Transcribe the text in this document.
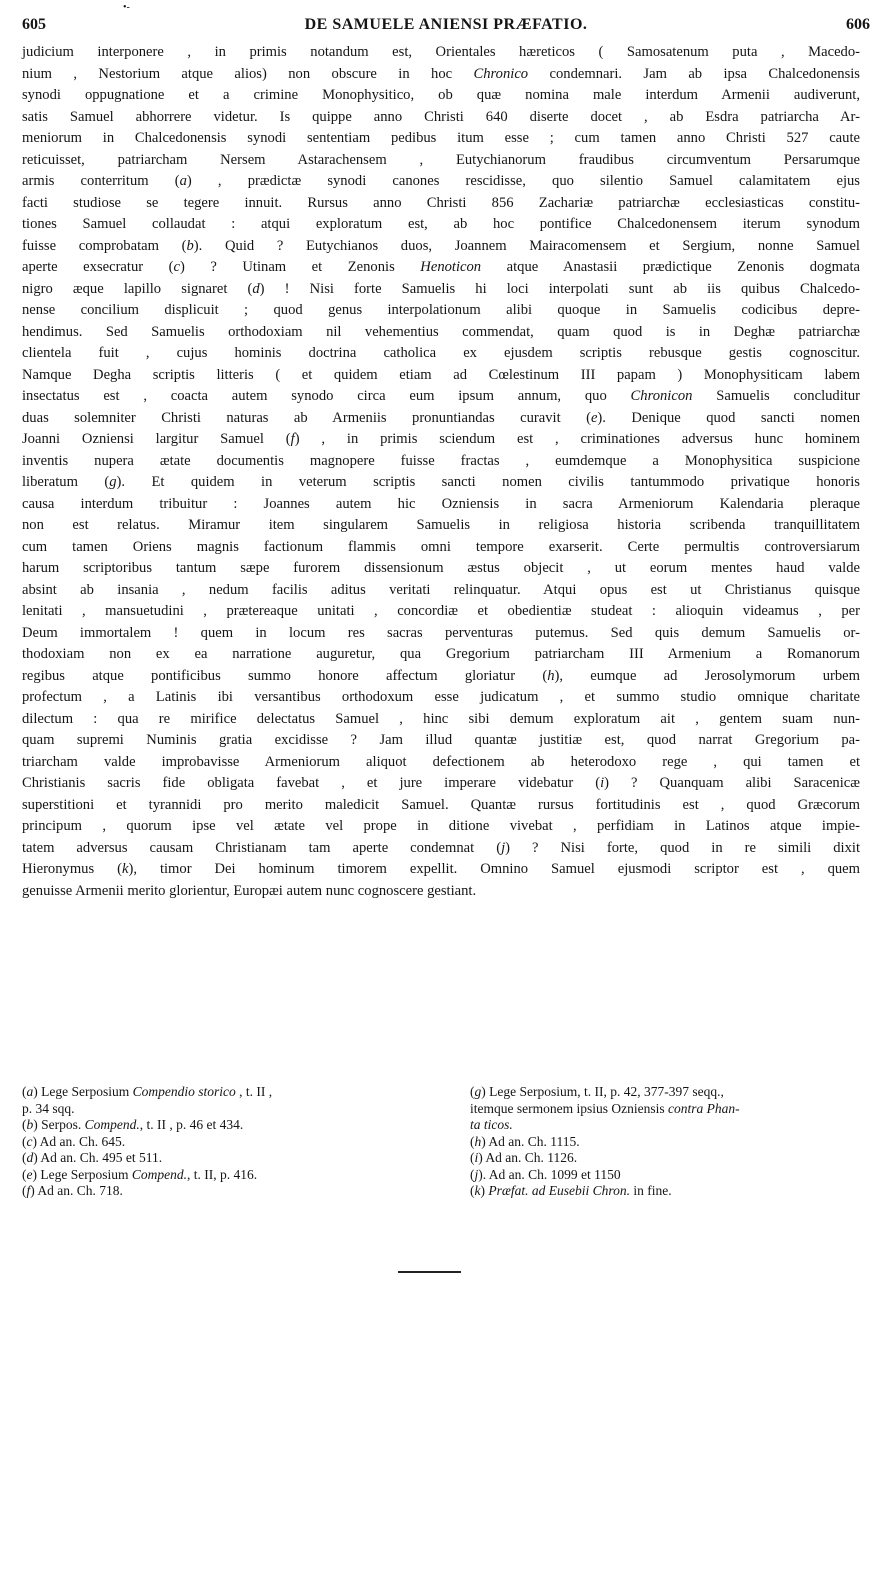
605	DE SAMUELE ANIENSI PRÆFATIO.	606
•-
judicium interponere , in primis notandum est, Orientales hæreticos ( Samosatenum puta , Macedo-
nium , Nestorium atque alios) non obscure in hoc Chronico condemnari. Jam ab ipsa Chalcedonensis
synodi oppugnatione et a crimine Monophysitico, ob quæ nomina male interdum Armenii audiverunt,
satis Samuel abhorrere videtur. Is quippe anno Christi 640 diserte docet , ab Esdra patriarcha Ar-
meniorum in Chalcedonensis synodi sententiam pedibus itum esse ; cum tamen anno Christi 527 caute
reticuisset, patriarcham Nersem Astarachensem , Eutychianorum fraudibus circumventum Persarumque
armis conterritum (a) , prædictæ synodi canones rescidisse, quo silentio Samuel calamitatem ejus
facti studiose se tegere innuit. Rursus anno Christi 856 Zachariæ patriarchæ ecclesiasticas constitu-
tiones Samuel collaudat : atqui exploratum est, ab hoc pontifice Chalcedonensem iterum synodum
fuisse comprobatam (b). Quid ? Eutychianos duos, Joannem Mairacomensem et Sergium, nonne Samuel
aperte exsecratur (c) ? Utinam et Zenonis Henoticon atque Anastasii prædictique Zenonis dogmata
nigro æque lapillo signaret (d) ! Nisi forte Samuelis hi loci interpolati sunt ab iis quibus Chalcedo-
nense concilium displicuit ; quod genus interpolationum alibi quoque in Samuelis codicibus depre-
hendimus. Sed Samuelis orthodoxiam nil vehementius commendat, quam quod is in Deghæ patriarchæ
clientela fuit , cujus hominis doctrina catholica ex ejusdem scriptis rebusque gestis cognoscitur.
Namque Degha scriptis litteris ( et quidem etiam ad Cœlestinum III papam ) Monophysiticam labem
insectatus est , coacta autem synodo circa eum ipsum annum, quo Chronicon Samuelis concluditur
duas solemniter Christi naturas ab Armeniis pronuntiandas curavit (e). Denique quod sancti nomen
Joanni Ozniensi largitur Samuel (f) , in primis sciendum est , criminationes adversus hunc hominem
inventis nupera ætate documentis magnopere fuisse fractas , eumdemque a Monophysitica suspicione
liberatum (g). Et quidem in veterum scriptis sancti nomen civilis tantummodo privatique honoris
causa interdum tribuitur : Joannes autem hic Ozniensis in sacra Armeniorum Kalendaria pleraque
non est relatus. Miramur item singularem Samuelis in religiosa historia scribenda tranquillitatem
cum tamen Oriens magnis factionum flammis omni tempore exarserit. Certe permultis controversiarum
harum scriptoribus tantum sæpe furorem dissensionum æstus objecit , ut eorum mentes haud valde
absint ab insania , nedum facilis aditus veritati relinquatur. Atqui opus est ut Christianus quisque
lenitati , mansuetudini , prætereaque unitati , concordiæ et obedientiæ studeat : alioquin videamus , per
Deum immortalem ! quem in locum res sacras perventuras putemus. Sed quis demum Samuelis or-
thodoxiam non ex ea narratione auguretur, qua Gregorium patriarcham III Armenium a Romanorum
regibus atque pontificibus summo honore affectum gloriatur (h), eumque ad Jerosolymorum urbem
profectum , a Latinis ibi versantibus orthodoxum esse judicatum , et summo studio omnique charitate
dilectum : qua re mirifice delectatus Samuel , hinc sibi demum exploratum ait , gentem suam nun-
quam supremi Numinis gratia excidisse ? Jam illud quantæ justitiæ est, quod narrat Gregorium pa-
triarcham valde improbavisse Armeniorum aliquot defectionem ab heterodoxo rege , qui tamen et
Christianis sacris fide obligata favebat , et jure imperare videbatur (i) ? Quanquam alibi Saracenicæ
superstitioni et tyrannidi pro merito maledicit Samuel. Quantæ rursus fortitudinis est , quod Græcorum
principum , quorum ipse vel ætate vel prope in ditione vivebat , perfidiam in Latinos atque impie-
tatem adversus causam Christianam tam aperte condemnat (j) ? Nisi forte, quod in re simili dixit
Hieronymus (k), timor Dei hominum timorem expellit. Omnino Samuel ejusmodi scriptor est , quem
genuisse Armenii merito glorientur, Europæi autem nunc cognoscere gestiant.
(a) Lege Serposium Compendio storico , t. II ,
p. 34 sqq.
(b) Serpos. Compend., t. II , p. 46 et 434.
(c) Ad an. Ch. 645.
(d) Ad an. Ch. 495 et 511.
(e) Lege Serposium Compend., t. II, p. 416.
(f) Ad an. Ch. 718.
(g) Lege Serposium, t. II, p. 42, 377-397 seqq.,
itemque sermonem ipsius Ozniensis contra Phan-
ta ticos.
(h) Ad an. Ch. 1115.
(i) Ad an. Ch. 1126.
(j). Ad an. Ch. 1099 et 1150
(k) Præfat. ad Eusebii Chron. in fine.
